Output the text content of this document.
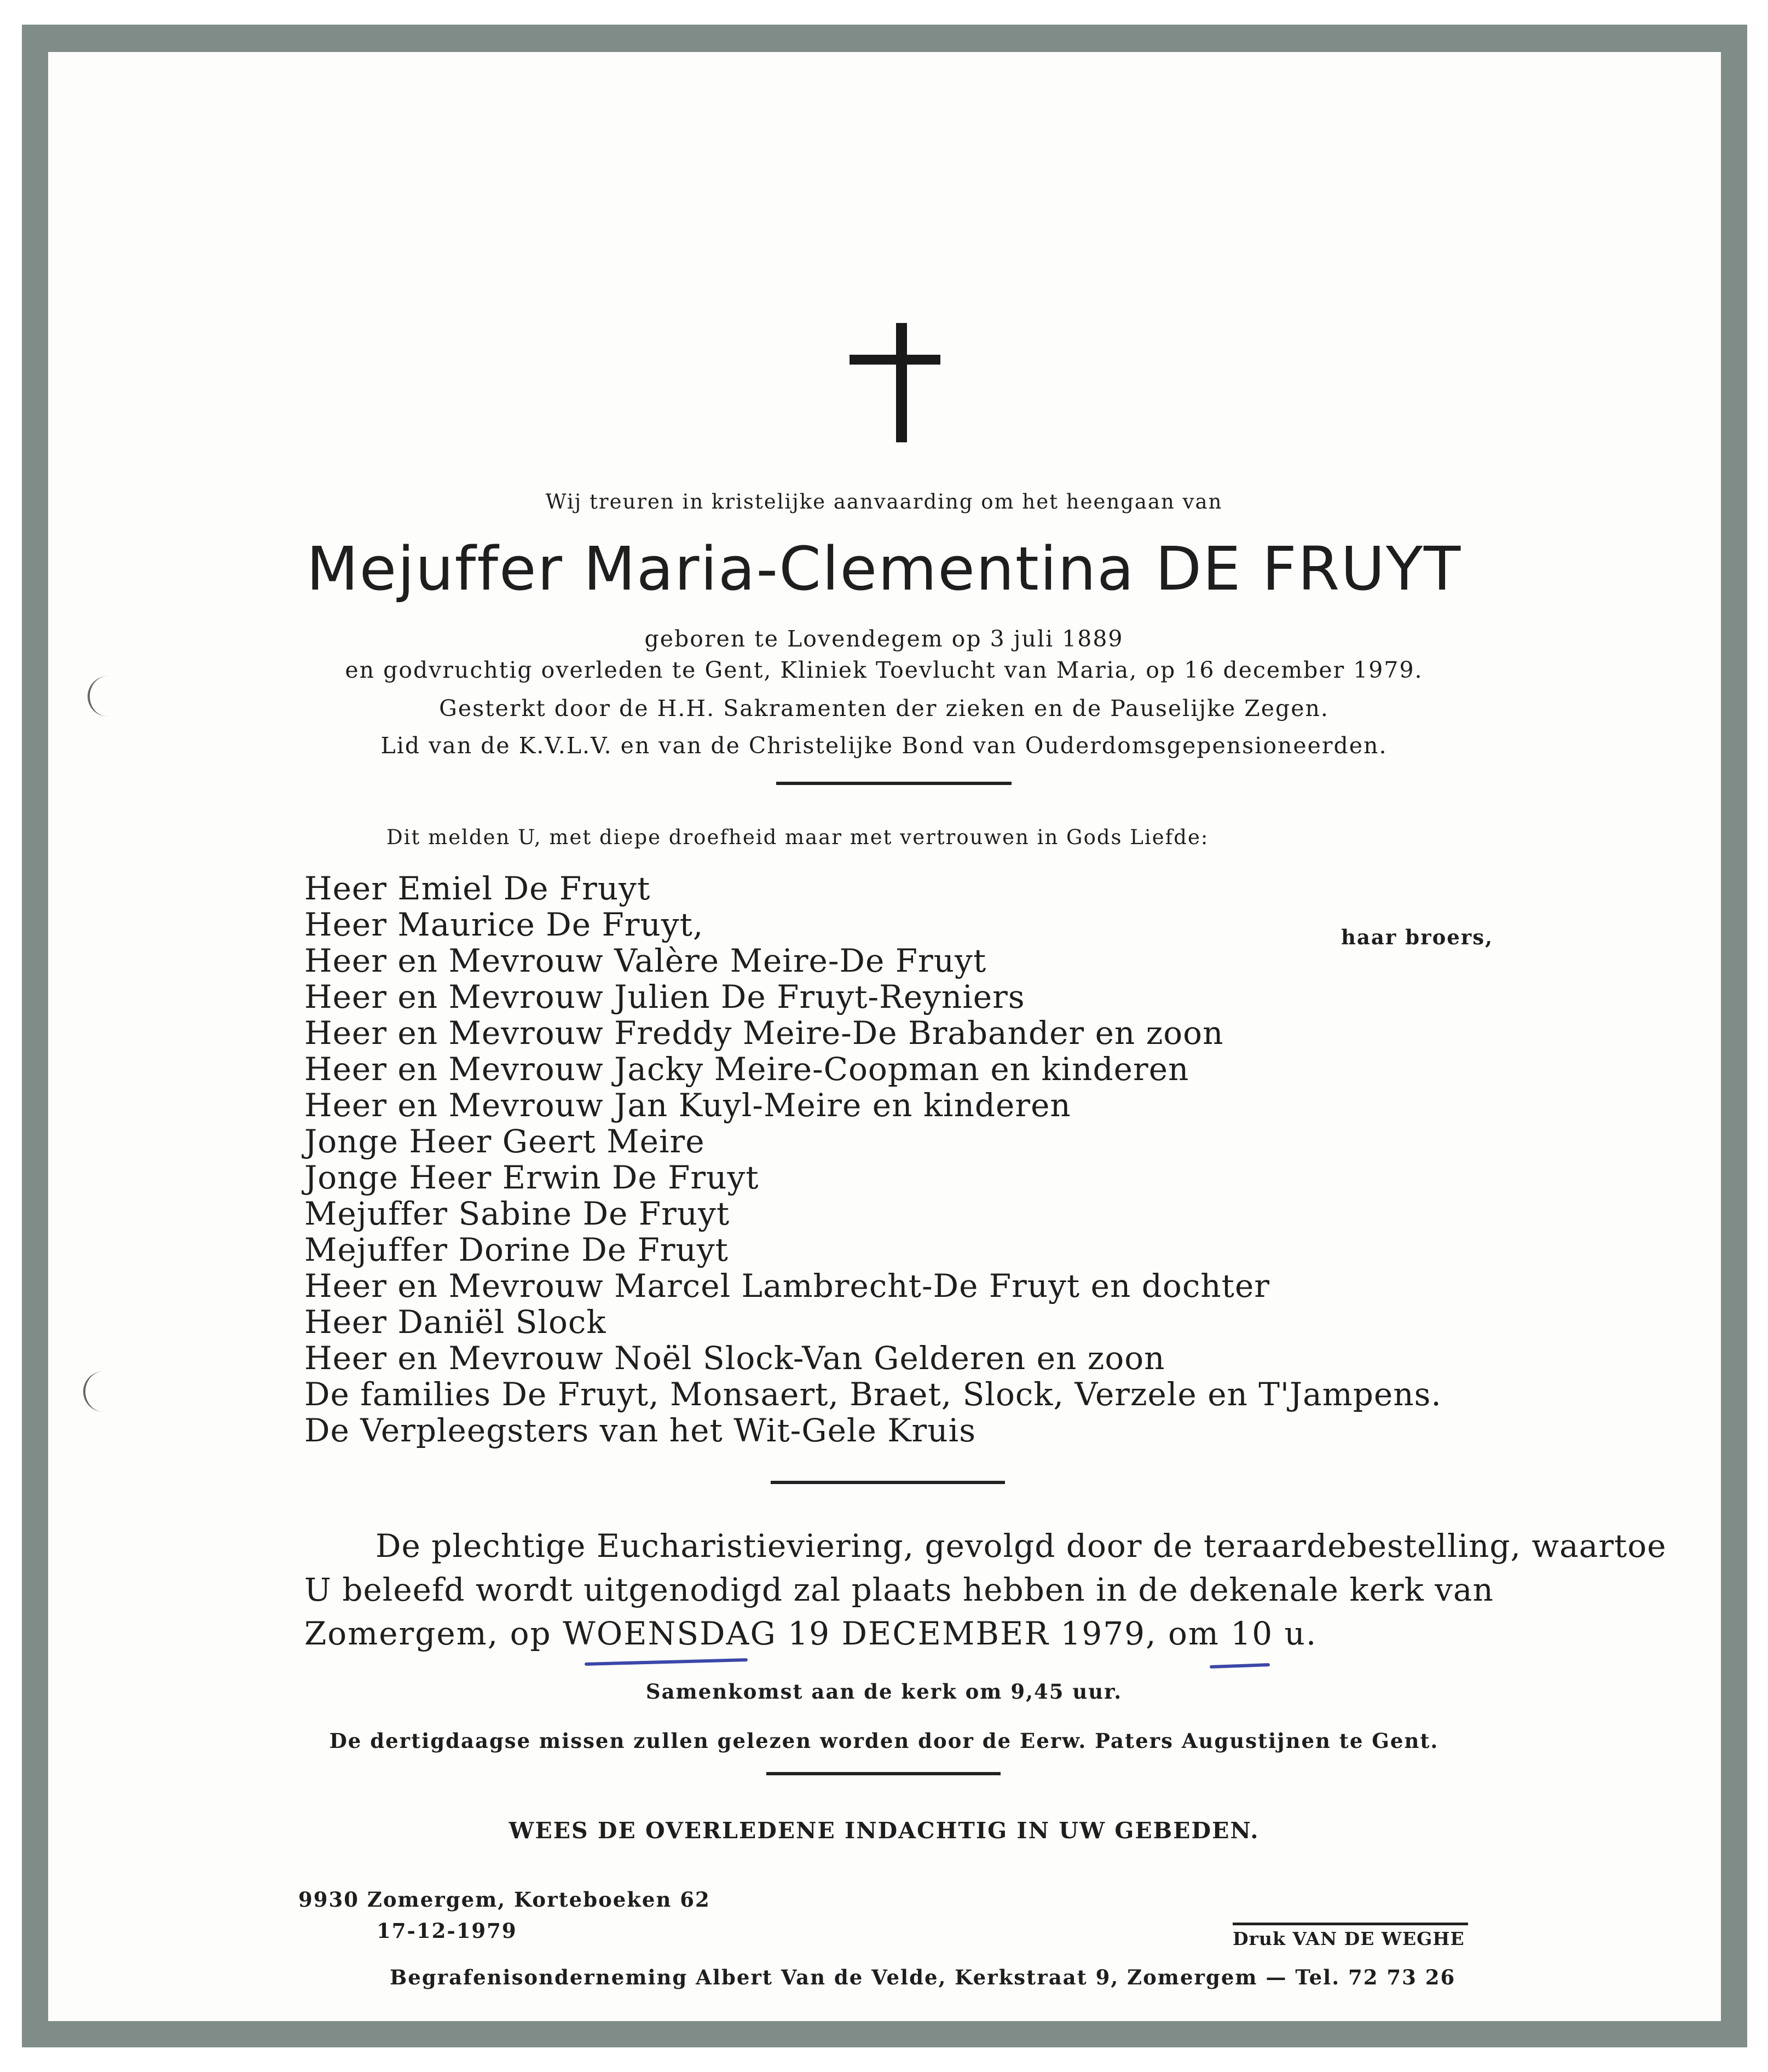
Wij treuren in kristelijke aanvaarding om het heengaan van
Mejuffer Maria-Clementina DE FRUYT
geboren te Lovendegem op 3 juli 1889
en godvruchtig overleden te Gent, Kliniek Toevlucht van Maria, op 16 december 1979.
Gesterkt door de H.H. Sakramenten der zieken en de Pauselijke Zegen.
Lid van de K.V.L.V. en van de Christelijke Bond van Ouderdomsgepensioneerden.
Dit melden U, met diepe droefheid maar met vertrouwen in Gods Liefde:
Heer Emiel De Fruyt
Heer Maurice De Fruyt,
Heer en Mevrouw Valère Meire-De Fruyt
Heer en Mevrouw Julien De Fruyt-Reyniers
Heer en Mevrouw Freddy Meire-De Brabander en zoon
Heer en Mevrouw Jacky Meire-Coopman en kinderen
Heer en Mevrouw Jan Kuyl-Meire en kinderen
Jonge Heer Geert Meire
Jonge Heer Erwin De Fruyt
Mejuffer Sabine De Fruyt
Mejuffer Dorine De Fruyt
Heer en Mevrouw Marcel Lambrecht-De Fruyt en dochter
Heer Daniël Slock
Heer en Mevrouw Noël Slock-Van Gelderen en zoon
De families De Fruyt, Monsaert, Braet, Slock, Verzele en T'Jampens.
De Verpleegsters van het Wit-Gele Kruis
haar broers,
De plechtige Eucharistieviering, gevolgd door de teraardebestelling, waartoe
U beleefd wordt uitgenodigd zal plaats hebben in de dekenale kerk van
Zomergem, op WOENSDAG 19 DECEMBER 1979, om 10 u.
Samenkomst aan de kerk om 9,45 uur.
De dertigdaagse missen zullen gelezen worden door de Eerw. Paters Augustijnen te Gent.
WEES DE OVERLEDENE INDACHTIG IN UW GEBEDEN.
9930 Zomergem, Korteboeken 62
17-12-1979	Druk VAN DE WEGHE
Begrafenisonderneming Albert Van de Velde, Kerkstraat 9, Zomergem — Tel. 72 73 26
